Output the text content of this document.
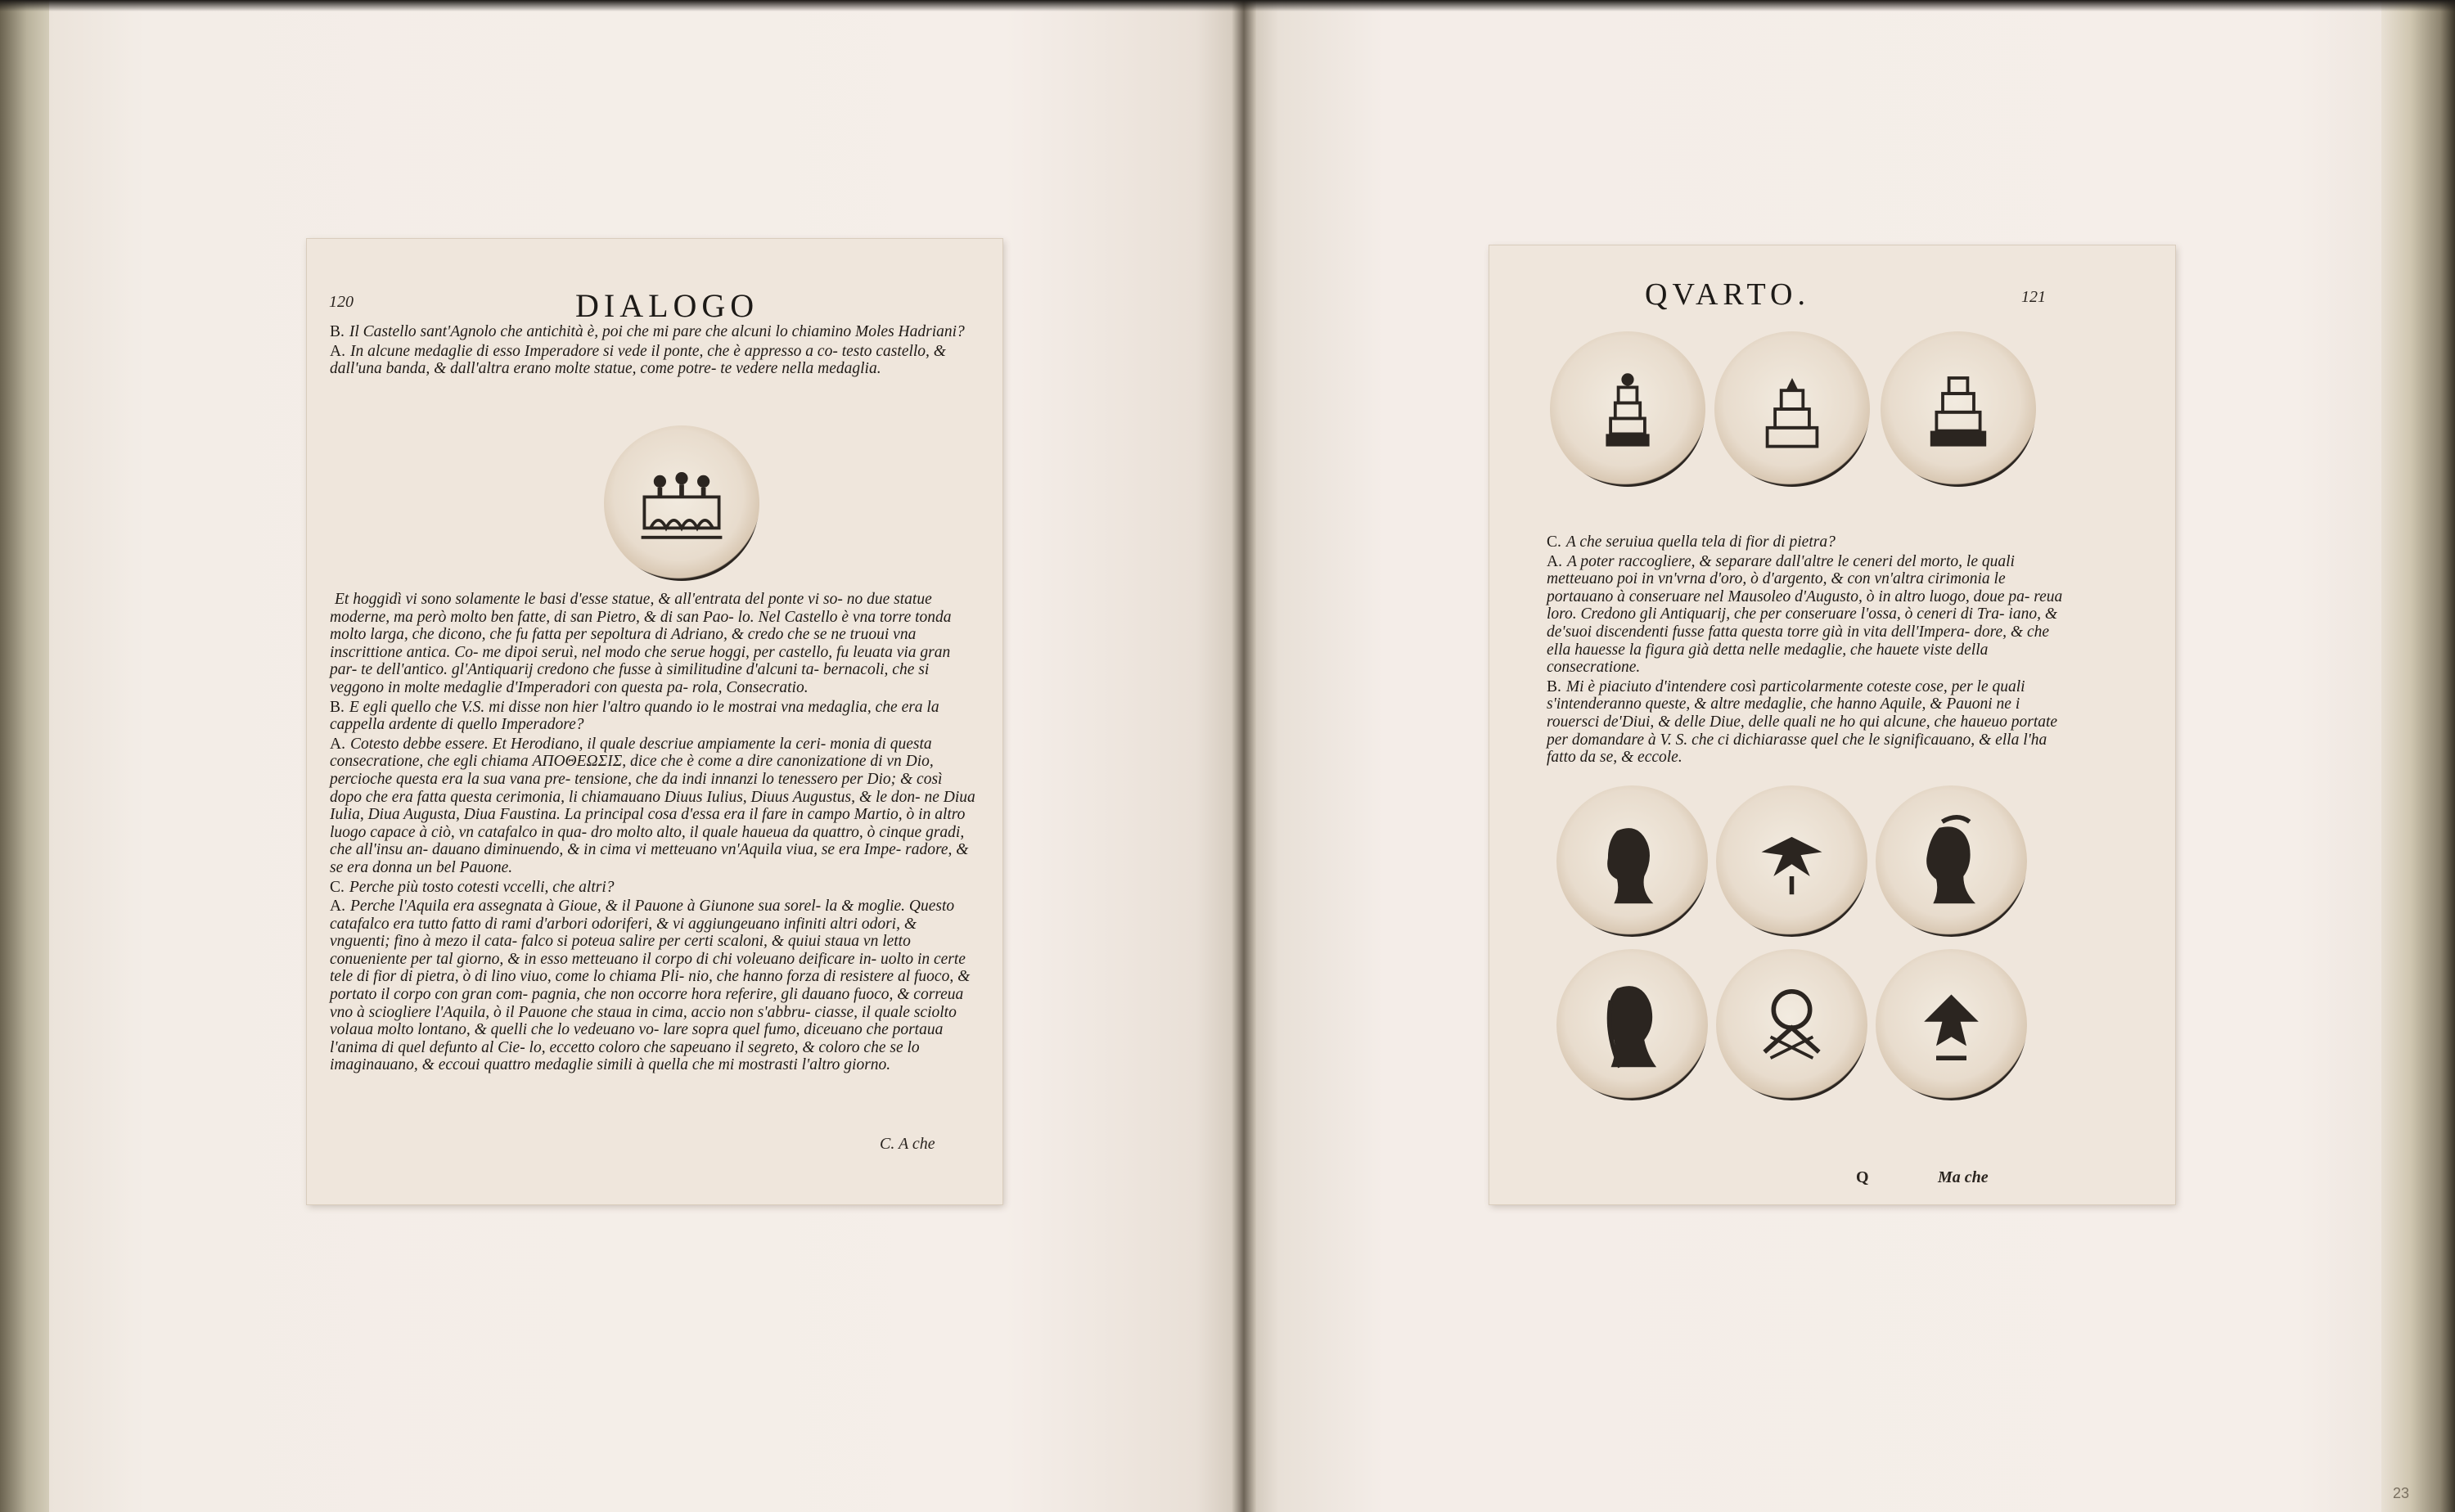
120	DIALOGO

B. Il Castello sant'Agnolo che antichità è, poi che mi pare che alcuni lo chiamino Moles Hadriani?

A. In alcune medaglie di esso Imperadore si vede il ponte, che è appresso a co- testo castello, & dall'una banda, & dall'altra erano molte statue, come potre- te vedere nella medaglia.

Et hoggidì vi sono solamente le basi d'esse statue, & all'entrata del ponte vi so- no due statue moderne, ma però molto ben fatte, di san Pietro, & di san Pao- lo. Nel Castello è vna torre tonda molto larga, che dicono, che fu fatta per sepoltura di Adriano, & credo che se ne truoui vna inscrittione antica. Co- me dipoi seruì, nel modo che serue hoggi, per castello, fu leuata via gran par- te dell'antico. gl'Antiquarij credono che fusse à similitudine d'alcuni ta- bernacoli, che si veggono in molte medaglie d'Imperadori con questa pa- rola, Consecratio.

B. E egli quello che V.S. mi disse non hier l'altro quando io le mostrai vna medaglia, che era la cappella ardente di quello Imperadore?

A. Cotesto debbe essere. Et Herodiano, il quale descriue ampiamente la ceri- monia di questa consecratione, che egli chiama ΑΠΟΘΕΩΣΙΣ, dice che è come a dire canonizatione di vn Dio, percioche questa era la sua vana pre- tensione, che da indi innanzi lo tenessero per Dio; & così dopo che era fatta questa cerimonia, li chiamauano Diuus Iulius, Diuus Augustus, & le don- ne Diua Iulia, Diua Augusta, Diua Faustina. La principal cosa d'essa era il fare in campo Martio, ò in altro luogo capace à ciò, vn catafalco in qua- dro molto alto, il quale haueua da quattro, ò cinque gradi, che all'insu an- dauano diminuendo, & in cima vi metteuano vn'Aquila viua, se era Impe- radore, & se era donna un bel Pauone.

C. Perche più tosto cotesti vccelli, che altri?

A. Perche l'Aquila era assegnata à Gioue, & il Pauone à Giunone sua sorel- la & moglie. Questo catafalco era tutto fatto di rami d'arbori odoriferi, & vi aggiungeuano infiniti altri odori, & vnguenti; fino à mezo il cata- falco si poteua salire per certi scaloni, & quiui staua vn letto conueniente per tal giorno, & in esso metteuano il corpo di chi voleuano deificare in- uolto in certe tele di fior di pietra, ò di lino viuo, come lo chiama Pli- nio, che hanno forza di resistere al fuoco, & portato il corpo con gran com- pagnia, che non occorre hora referire, gli dauano fuoco, & correua vno à sciogliere l'Aquila, ò il Pauone che staua in cima, accio non s'abbru- ciasse, il quale sciolto volaua molto lontano, & quelli che lo vedeuano vo- lare sopra quel fumo, diceuano che portaua l'anima di quel defunto al Cie- lo, eccetto coloro che sapeuano il segreto, & coloro che se lo imaginauano, & eccoui quattro medaglie simili à quella che mi mostrasti l'altro giorno.

C. A che
QVARTO.	121

C. A che seruiua quella tela di fior di pietra?

A. A poter raccogliere, & separare dall'altre le ceneri del morto, le quali metteuano poi in vn'vrna d'oro, ò d'argento, & con vn'altra cirimonia le portauano à conseruare nel Mausoleo d'Augusto, ò in altro luogo, doue pa- reua loro. Credono gli Antiquarij, che per conseruare l'ossa, ò ceneri di Tra- iano, & de'suoi discendenti fusse fatta questa torre già in vita dell'Impera- dore, & che ella hauesse la figura già detta nelle medaglie, che hauete viste della consecratione.

B. Mi è piaciuto d'intendere così particolarmente coteste cose, per le quali s'intenderanno queste, & altre medaglie, che hanno Aquile, & Pauoni ne i rouersci de'Diui, & delle Diue, delle quali ne ho qui alcune, che haueuo portate per domandare à V. S. che ci dichiarasse quel che le significauano, & ella l'ha fatto da se, & eccole.

Q	Ma che
23
